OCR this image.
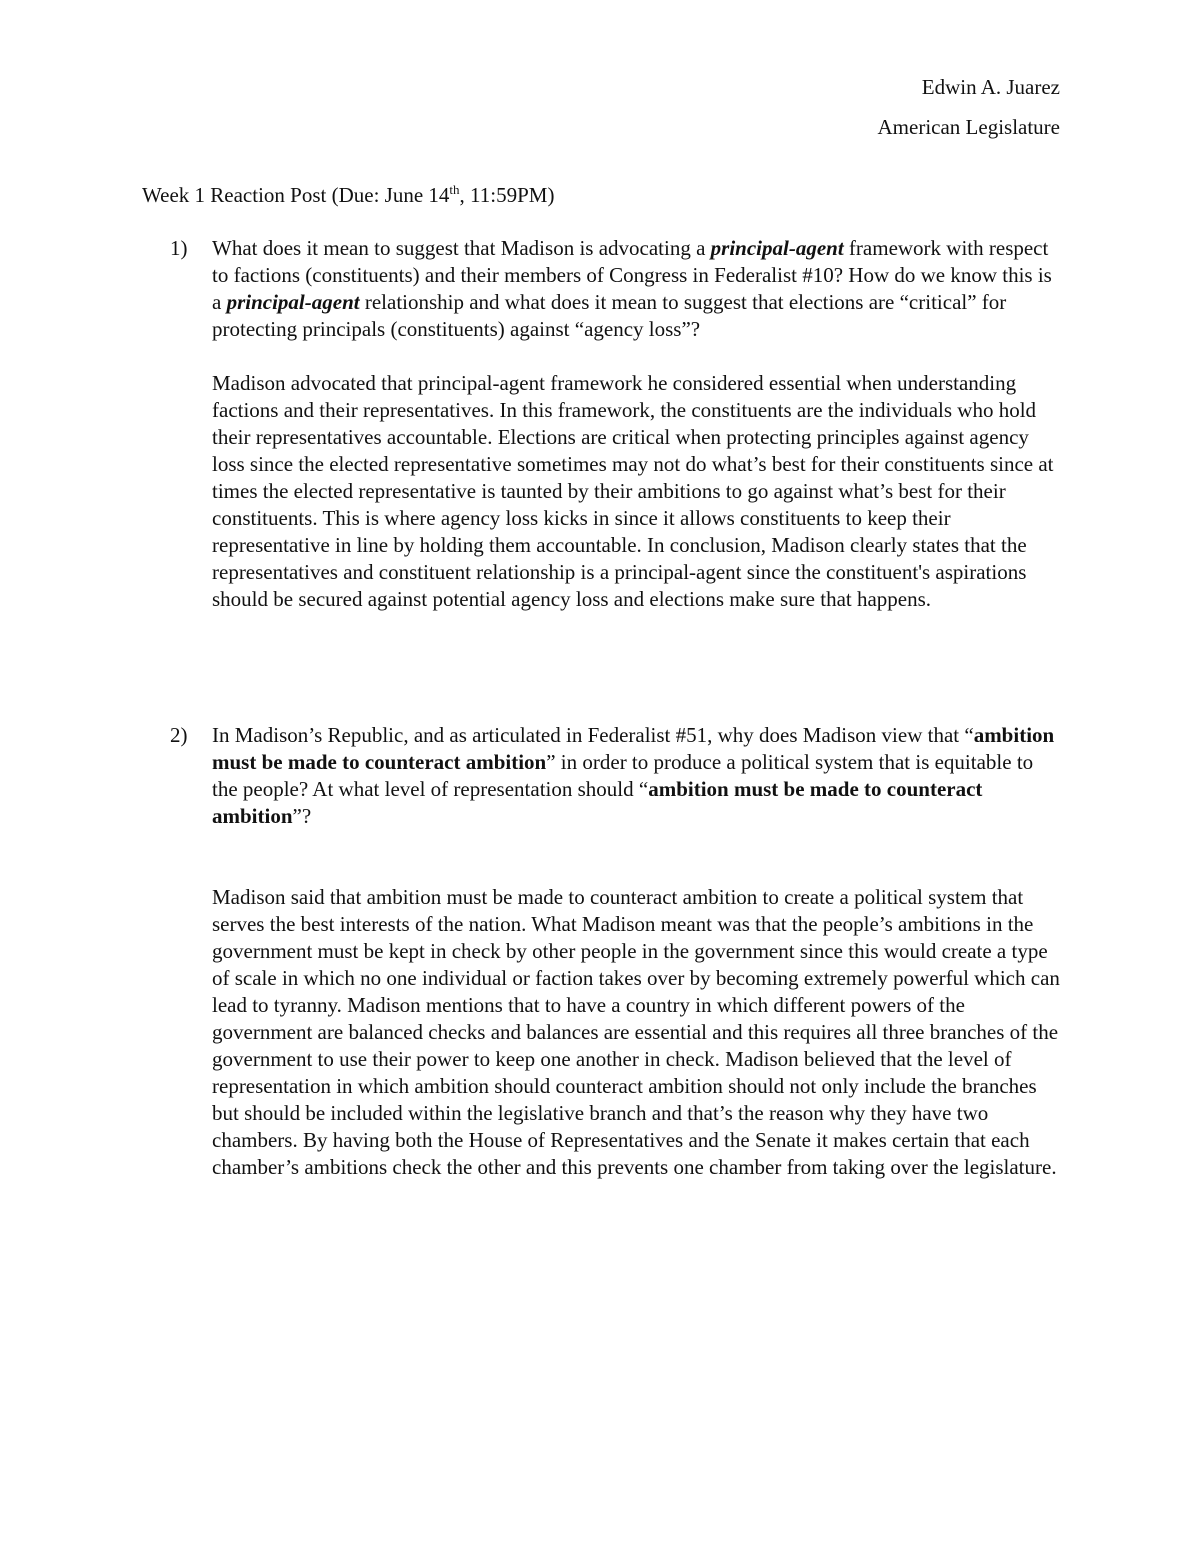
Edwin A. Juarez
American Legislature
Week 1 Reaction Post (Due: June 14th, 11:59PM)
1) What does it mean to suggest that Madison is advocating a principal-agent framework with respect to factions (constituents) and their members of Congress in Federalist #10? How do we know this is a principal-agent relationship and what does it mean to suggest that elections are “critical” for protecting principals (constituents) against “agency loss”?

Madison advocated that principal-agent framework he considered essential when understanding factions and their representatives. In this framework, the constituents are the individuals who hold their representatives accountable. Elections are critical when protecting principles against agency loss since the elected representative sometimes may not do what’s best for their constituents since at times the elected representative is taunted by their ambitions to go against what’s best for their constituents. This is where agency loss kicks in since it allows constituents to keep their representative in line by holding them accountable. In conclusion, Madison clearly states that the representatives and constituent relationship is a principal-agent since the constituent's aspirations should be secured against potential agency loss and elections make sure that happens.

2) In Madison’s Republic, and as articulated in Federalist #51, why does Madison view that “ambition must be made to counteract ambition” in order to produce a political system that is equitable to the people? At what level of representation should “ambition must be made to counteract ambition”?

Madison said that ambition must be made to counteract ambition to create a political system that serves the best interests of the nation. What Madison meant was that the people’s ambitions in the government must be kept in check by other people in the government since this would create a type of scale in which no one individual or faction takes over by becoming extremely powerful which can lead to tyranny. Madison mentions that to have a country in which different powers of the government are balanced checks and balances are essential and this requires all three branches of the government to use their power to keep one another in check. Madison believed that the level of representation in which ambition should counteract ambition should not only include the branches but should be included within the legislative branch and that’s the reason why they have two chambers. By having both the House of Representatives and the Senate it makes certain that each chamber’s ambitions check the other and this prevents one chamber from taking over the legislature.
